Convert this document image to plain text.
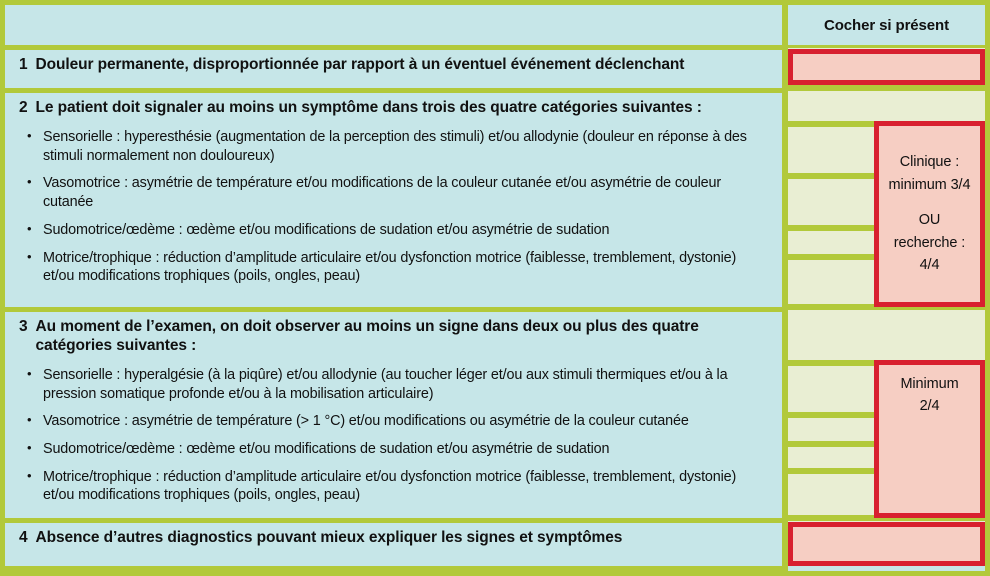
1 Douleur permanente, disproportionnée par rapport à un éventuel événement déclenchant
2 Le patient doit signaler au moins un symptôme dans trois des quatre catégories suivantes :
• Sensorielle : hyperesthésie (augmentation de la perception des stimuli) et/ou allodynie (douleur en réponse à des stimuli normalement non douloureux)
• Vasomotrice : asymétrie de température et/ou modifications de la couleur cutanée et/ou asymétrie de couleur cutanée
• Sudomotrice/œdème : œdème et/ou modifications de sudation et/ou asymétrie de sudation
• Motrice/trophique : réduction d’amplitude articulaire et/ou dysfonction motrice (faiblesse, tremblement, dystonie) et/ou modifications trophiques (poils, ongles, peau)
3 Au moment de l’examen, on doit observer au moins un signe dans deux ou plus des quatre catégories suivantes :
• Sensorielle : hyperalgésie (à la piqûre) et/ou allodynie (au toucher léger et/ou aux stimuli thermiques et/ou à la pression somatique profonde et/ou à la mobilisation articulaire)
• Vasomotrice : asymétrie de température (> 1 °C) et/ou modifications ou asymétrie de la couleur cutanée
• Sudomotrice/œdème : œdème et/ou modifications de sudation et/ou asymétrie de sudation
• Motrice/trophique : réduction d’amplitude articulaire et/ou dysfonction motrice (faiblesse, tremblement, dystonie) et/ou modifications trophiques (poils, ongles, peau)
4 Absence d’autres diagnostics pouvant mieux expliquer les signes et symptômes
Cocher si présent
Clinique :
minimum 3/4
OU
recherche :
4/4
Minimum
2/4
